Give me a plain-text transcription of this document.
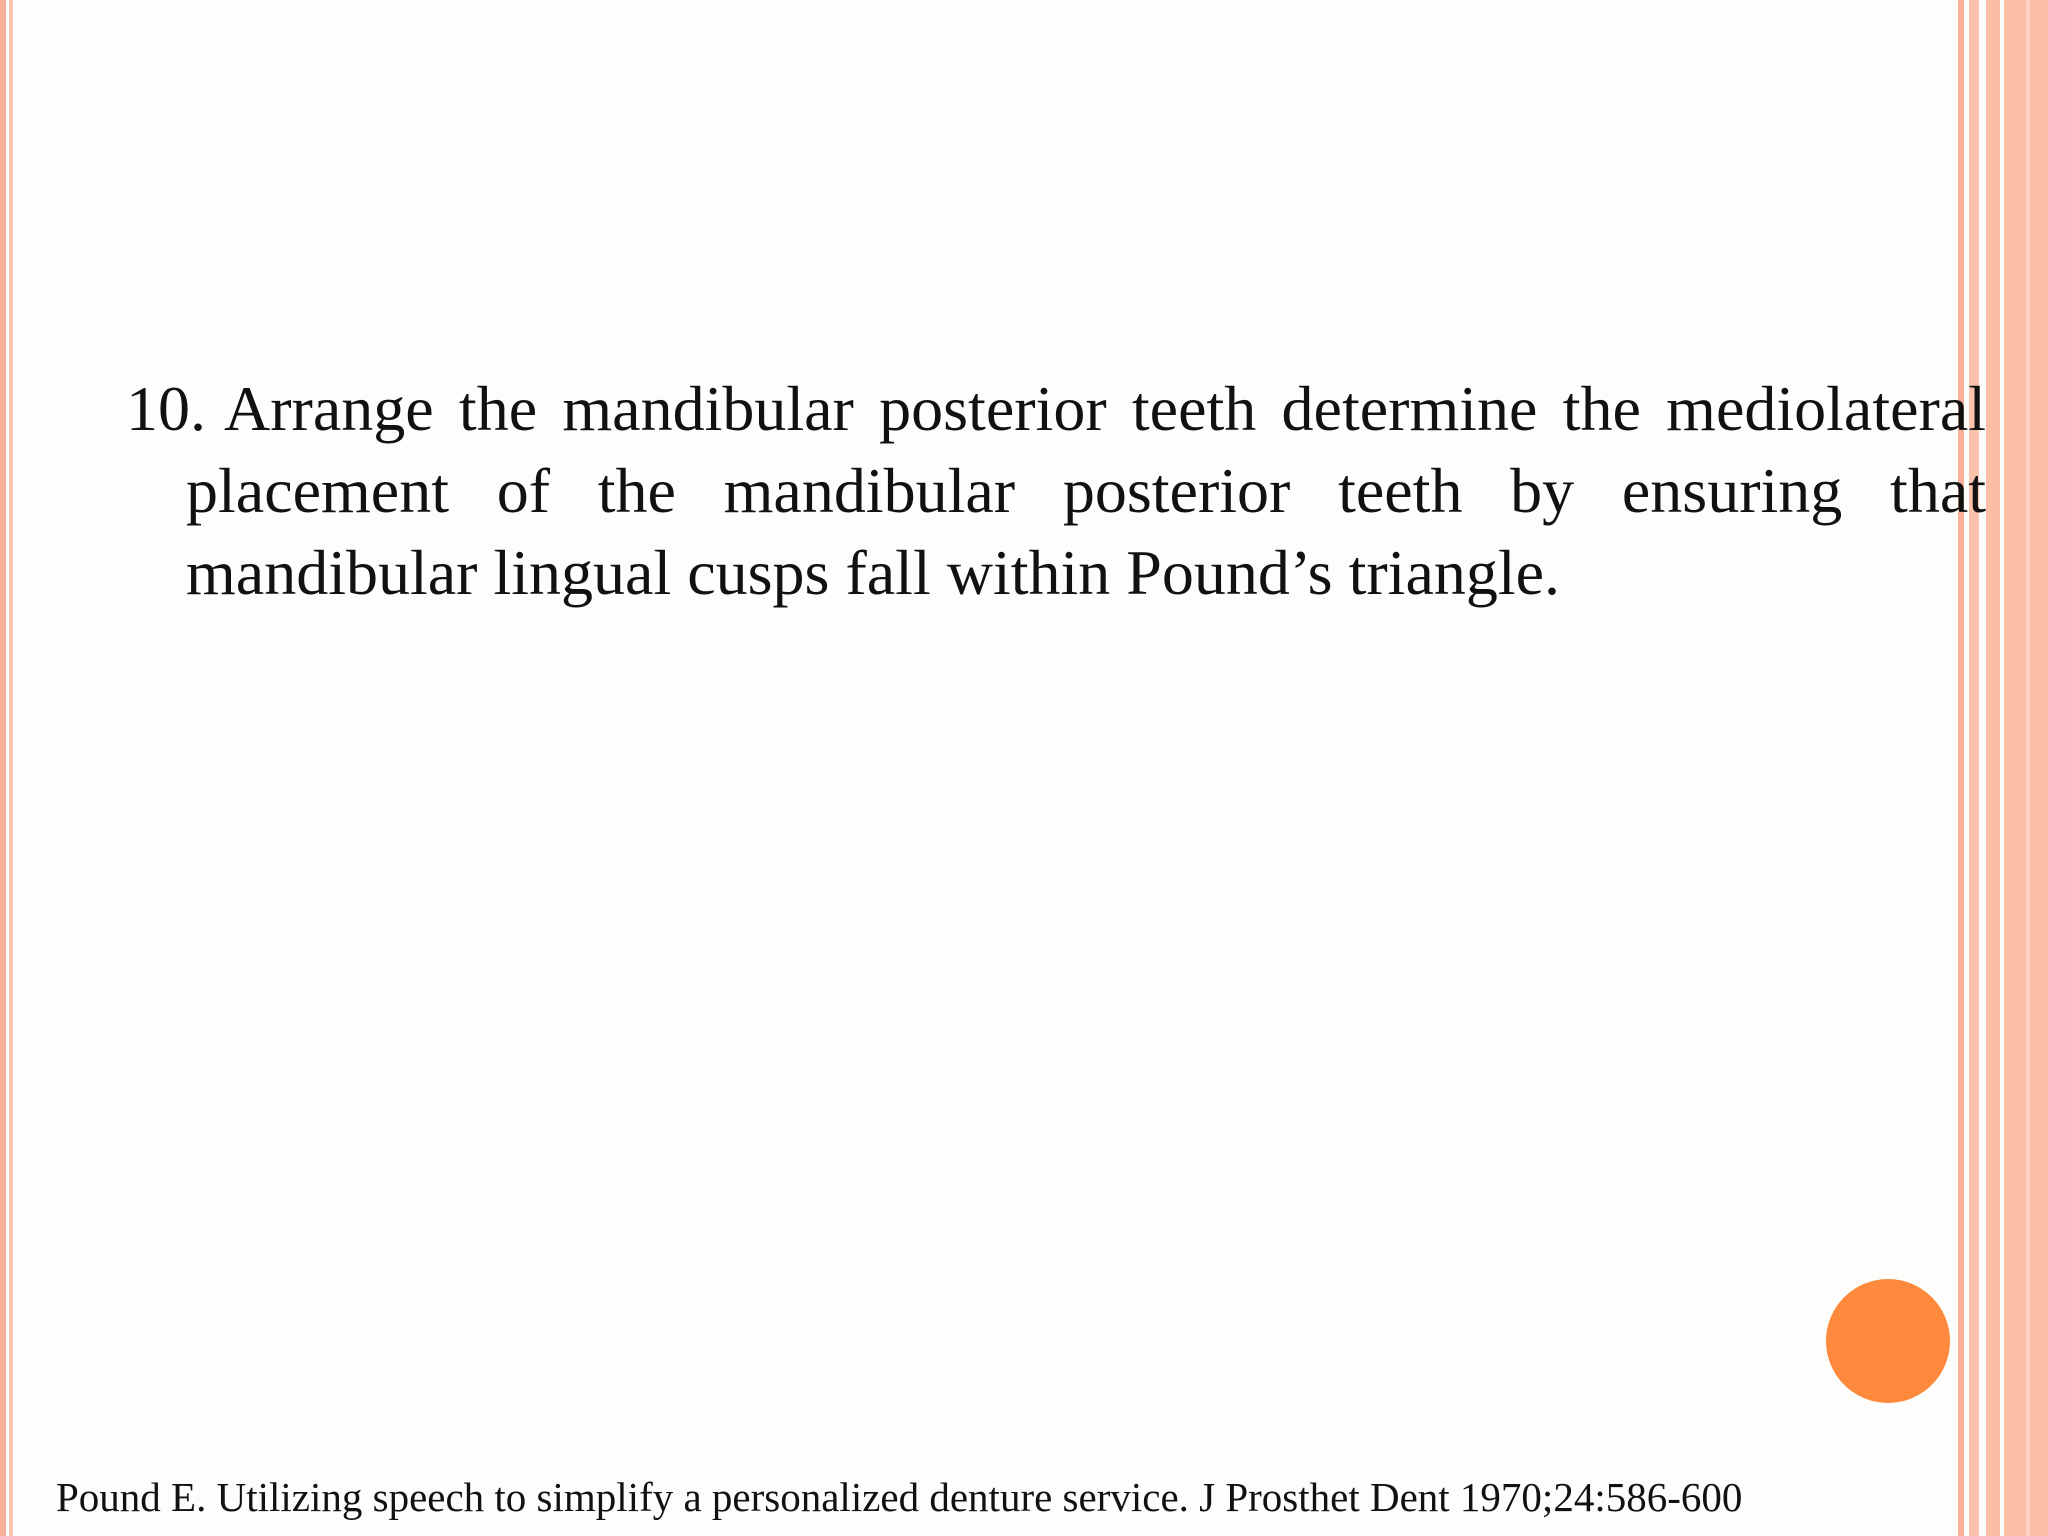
10. Arrange the mandibular posterior teeth determine the mediolateral placement of the mandibular posterior teeth by ensuring that mandibular lingual cusps fall within Pound’s triangle.

Pound E. Utilizing speech to simplify a personalized denture service. J Prosthet Dent 1970;24:586-600
